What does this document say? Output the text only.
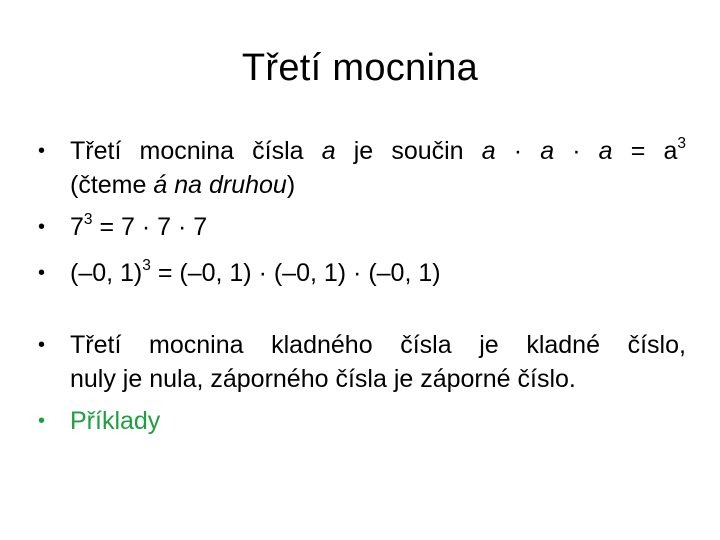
Třetí mocnina
• Třetí mocnina čísla a je součin $a \cdot a \cdot a = a^3$
(čteme á na druhou)
• $7^3 = 7 \cdot 7 \cdot 7$
• (–0, 1)$^3$ = (–0, 1) · (–0, 1) · (–0, 1)
• Třetí mocnina kladného čísla je kladné číslo,
nuly je nula, záporného čísla je záporné číslo.
• Příklady
